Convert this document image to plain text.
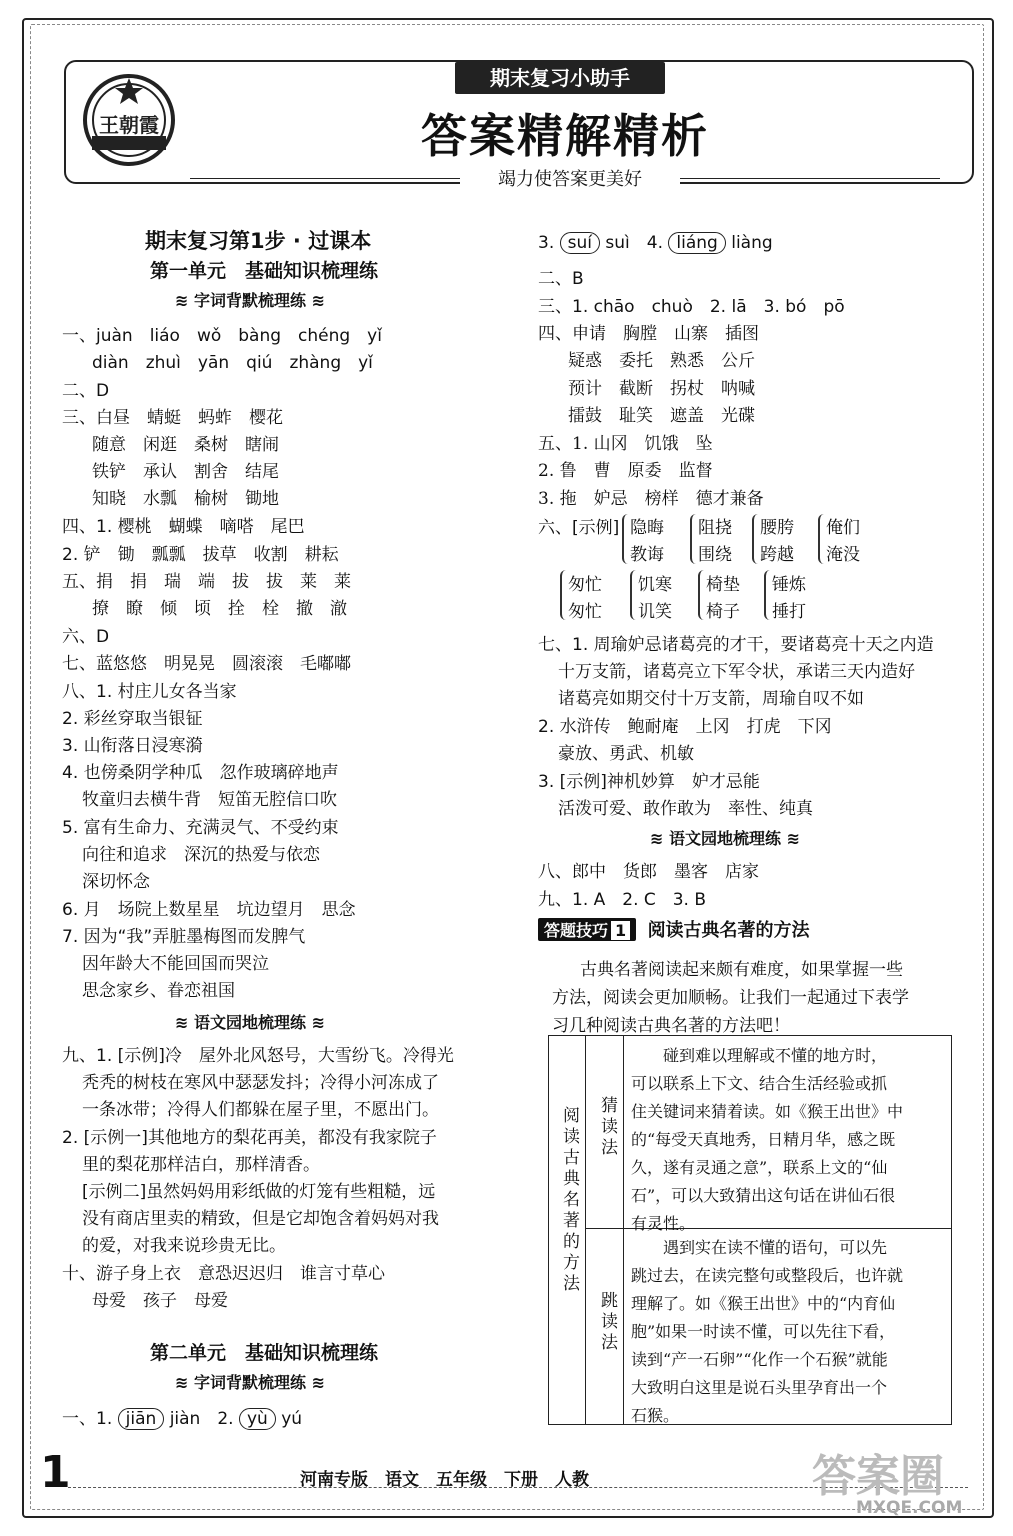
王朝霞
期末复习小助手
答案精解精析
竭力使答案更美好
期末复习第1步 · 过课本
第一单元　基础知识梳理练
≋ 字词背默梳理练 ≋
一、juàn　liáo　wǒ　bàng　chéng　yǐ
diàn　zhuì　yān　qiú　zhàng　yǐ
二、D
三、白昼　蜻蜓　蚂蚱　樱花
随意　闲逛　桑树　瞎闹
铁铲　承认　割舍　结尾
知晓　水瓢　榆树　锄地
四、1. 樱桃　蝴蝶　嘀嗒　尾巴
2. 铲　锄　瓢瓢　拔草　收割　耕耘
五、捐　捐　瑞　端　拔　拔　莱　莱
撩　瞭　倾　顷　拴　栓　撤　澈
六、D
七、蓝悠悠　明晃晃　圆滚滚　毛嘟嘟
八、1. 村庄儿女各当家
2. 彩丝穿取当银钲
3. 山衔落日浸寒漪
4. 也傍桑阴学种瓜　忽作玻璃碎地声
牧童归去横牛背　短笛无腔信口吹
5. 富有生命力、充满灵气、不受约束
向往和追求　深沉的热爱与依恋
深切怀念
6. 月　场院上数星星　坑边望月　思念
7. 因为“我”弄脏墨梅图而发脾气
因年龄大不能回国而哭泣
思念家乡、眷恋祖国
≋ 语文园地梳理练 ≋
九、1. [示例]冷　屋外北风怒号，大雪纷飞。冷得光
秃秃的树枝在寒风中瑟瑟发抖；冷得小河冻成了
一条冰带；冷得人们都躲在屋子里，不愿出门。
2. [示例一]其他地方的梨花再美，都没有我家院子
里的梨花那样洁白，那样清香。
[示例二]虽然妈妈用彩纸做的灯笼有些粗糙，远
没有商店里卖的精致，但是它却饱含着妈妈对我
的爱，对我来说珍贵无比。
十、游子身上衣　意恐迟迟归　谁言寸草心
母爱　孩子　母爱
第二单元　基础知识梳理练
≋ 字词背默梳理练 ≋
一、1. jiān jiàn　2. yù yú
3. suí suì　4. liáng liàng
二、B
三、1. chāo　chuò　2. lā　3. bó　pō
四、申请　胸膛　山寨　插图
疑惑　委托　熟悉　公斤
预计　截断　拐杖　呐喊
擂鼓　耻笑　遮盖　光碟
五、1. 山冈　饥饿　坠
2. 鲁　曹　原委　监督
3. 拖　妒忌　榜样　德才兼备
六、[示例] 隐晦
教诲
阻挠
围绕
腰胯
跨越
俺们
淹没
匆忙
匆忙
饥寒
讥笑
椅垫
椅子
锤炼
捶打
七、1. 周瑜妒忌诸葛亮的才干，要诸葛亮十天之内造
十万支箭，诸葛亮立下军令状，承诺三天内造好
诸葛亮如期交付十万支箭，周瑜自叹不如
2. 水浒传　鲍耐庵　上冈　打虎　下冈
豪放、勇武、机敏
3. [示例]神机妙算　妒才忌能
活泼可爱、敢作敢为　率性、纯真
≋ 语文园地梳理练 ≋
八、郎中　货郎　墨客　店家
九、1. A　2. C　3. B
答题技巧 1 阅读古典名著的方法
古典名著阅读起来颇有难度，如果掌握一些
方法，阅读会更加顺畅。让我们一起通过下表学
习几种阅读古典名著的方法吧！
阅读古典名著的方法 猜读法
跳读法
碰到难以理解或不懂的地方时，
可以联系上下文、结合生活经验或抓
住关键词来猜着读。如《猴王出世》中
的“每受天真地秀，日精月华，感之既
久，遂有灵通之意”，联系上文的“仙
石”，可以大致猜出这句话在讲仙石很
有灵性。
遇到实在读不懂的语句，可以先
跳过去，在读完整句或整段后，也许就
理解了。如《猴王出世》中的“内育仙
胞”如果一时读不懂，可以先往下看，
读到“产一石卵”“化作一个石猴”就能
大致明白这里是说石头里孕育出一个
石猴。
1	河南专版　语文　五年级　下册　人教	答案圈
MXQE.COM
